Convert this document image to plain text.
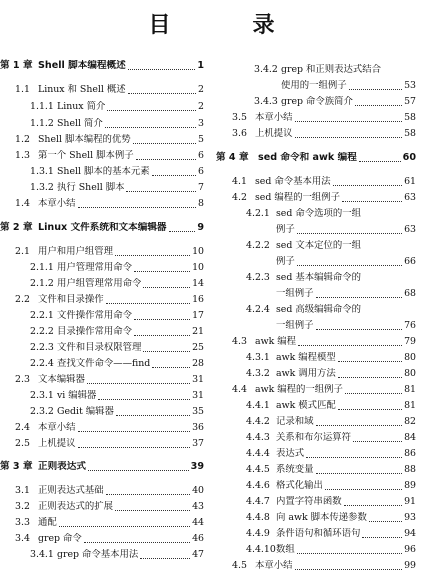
目　录
第 1 章 Shell 脚本编程概述	1
1.1 Linux 和 Shell 概述	2
1.1.1 Linux 简介	2
1.1.2 Shell 简介	3
1.2 Shell 脚本编程的优势	5
1.3 第一个 Shell 脚本例子	6
1.3.1 Shell 脚本的基本元素	6
1.3.2 执行 Shell 脚本	7
1.4 本章小结	8
第 2 章 Linux 文件系统和文本编辑器	9
2.1 用户和用户组管理	10
2.1.1 用户管理常用命令	10
2.1.2 用户组管理常用命令	14
2.2 文件和目录操作	16
2.2.1 文件操作常用命令	17
2.2.2 目录操作常用命令	21
2.2.3 文件和目录权限管理	25
2.2.4 查找文件命令——find	28
2.3 文本编辑器	31
2.3.1 vi 编辑器	31
2.3.2 Gedit 编辑器	35
2.4 本章小结	36
2.5 上机提议	37
第 3 章 正则表达式	39
3.1 正则表达式基础	40
3.2 正则表达式的扩展	43
3.3 通配	44
3.4 grep 命令	46
3.4.1 grep 命令基本用法	47
3.4.2 grep 和正则表达式结合
使用的一组例子	53
3.4.3 grep 命令族简介	57
3.5 本章小结	58
3.6 上机提议	58
第 4 章 sed 命令和 awk 编程	60
4.1 sed 命令基本用法	61
4.2 sed 编程的一组例子	63
4.2.1 sed 命令选项的一组
例子	63
4.2.2 sed 文本定位的一组
例子	66
4.2.3 sed 基本编辑命令的
一组例子	68
4.2.4 sed 高级编辑命令的
一组例子	76
4.3 awk 编程	79
4.3.1 awk 编程模型	80
4.3.2 awk 调用方法	80
4.4 awk 编程的一组例子	81
4.4.1 awk 模式匹配	81
4.4.2 记录和域	82
4.4.3 关系和布尔运算符	84
4.4.4 表达式	86
4.4.5 系统变量	88
4.4.6 格式化输出	89
4.4.7 内置字符串函数	91
4.4.8 向 awk 脚本传递参数	93
4.4.9 条件语句和循环语句	94
4.4.10 数组	96
4.5 本章小结	99
